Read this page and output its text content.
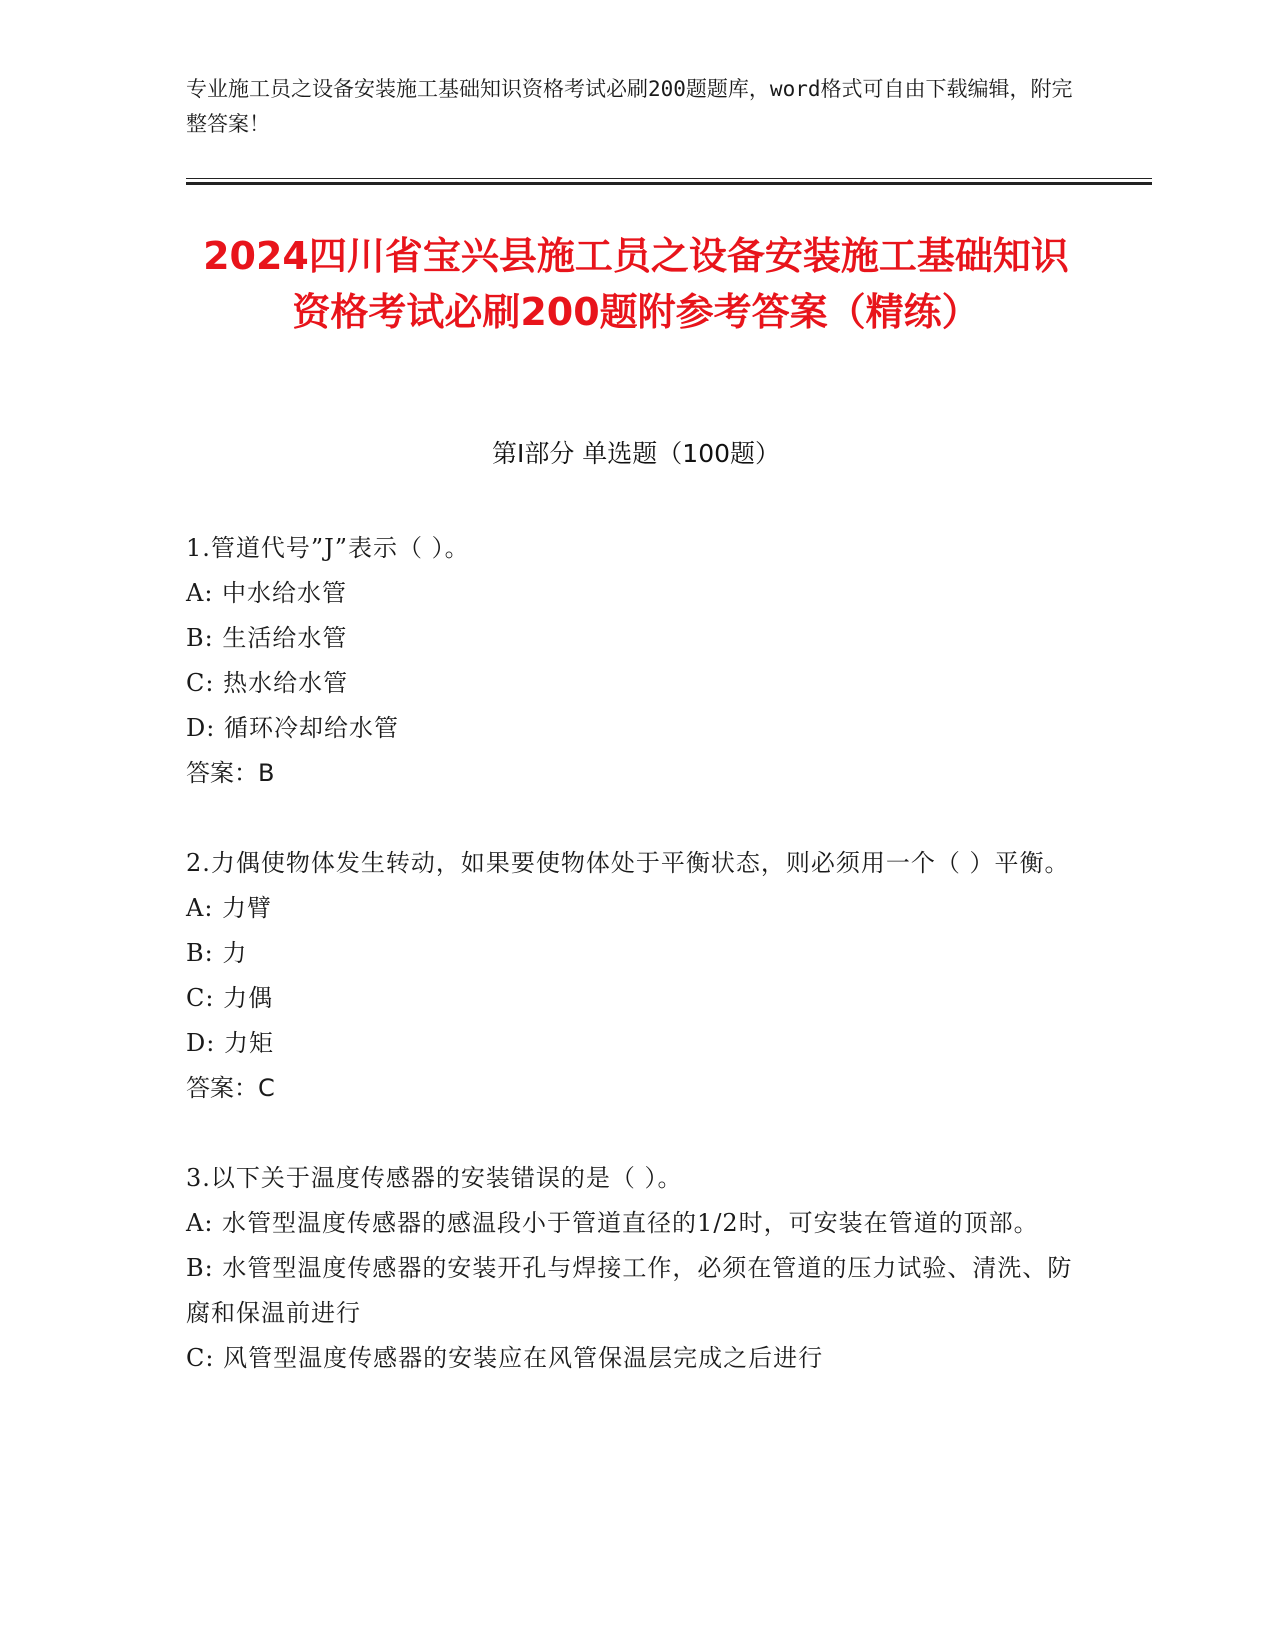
专业施工员之设备安装施工基础知识资格考试必刷200题题库，word格式可自由下载编辑，附完整答案！
2024四川省宝兴县施工员之设备安装施工基础知识资格考试必刷200题附参考答案（精练）
第Ⅰ部分 单选题（100题）

1.管道代号”J”表示（ ）。

A: 中水给水管

B: 生活给水管

C: 热水给水管

D: 循环冷却给水管

答案：B

2.力偶使物体发生转动，如果要使物体处于平衡状态，则必须用一个（ ）平衡。

A: 力臂

B: 力

C: 力偶

D: 力矩

答案：C

3.以下关于温度传感器的安装错误的是（ ）。

A: 水管型温度传感器的感温段小于管道直径的1/2时，可安装在管道的顶部。

B: 水管型温度传感器的安装开孔与焊接工作，必须在管道的压力试验、清洗、防腐和保温前进行

C: 风管型温度传感器的安装应在风管保温层完成之后进行
